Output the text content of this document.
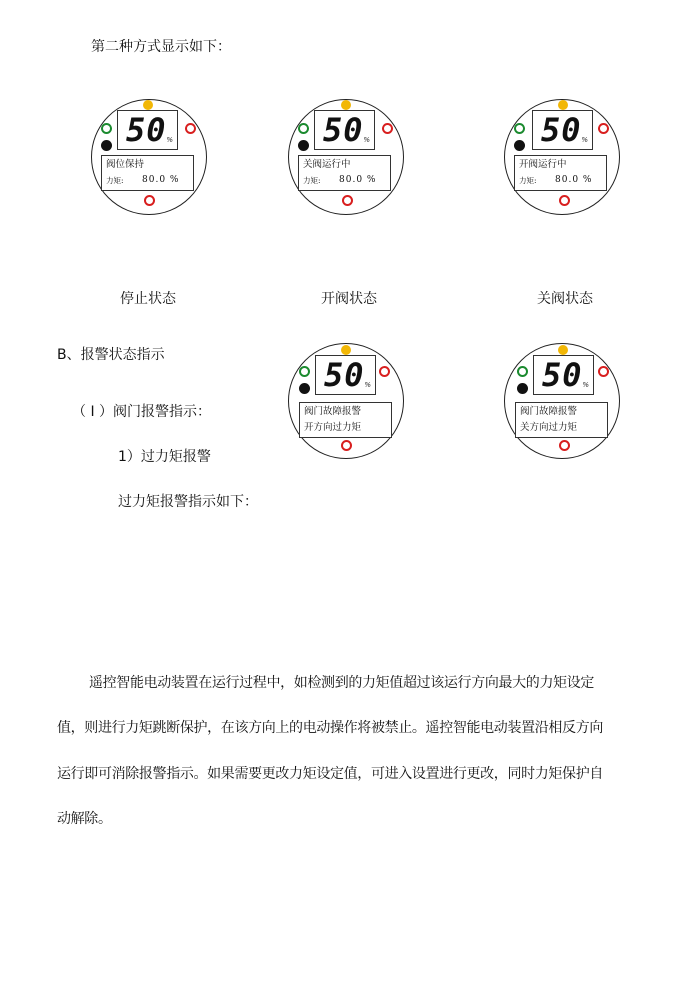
第二种方式显示如下：
50 %
阀位保持
力矩: 80.0 %
50 %
关阀运行中
力矩: 80.0 %
50 %
开阀运行中
力矩: 80.0 %
停止状态	开阀状态	关阀状态
B、报警状态指示
（ I ）阀门报警指示：
1）过力矩报警
过力矩报警指示如下：
50 %
阀门故障报警
开方向过力矩
50 %
阀门故障报警
关方向过力矩
遥控智能电动装置在运行过程中，如检测到的力矩值超过该运行方向最大的力矩设定
值，则进行力矩跳断保护，在该方向上的电动操作将被禁止。遥控智能电动装置沿相反方向
运行即可消除报警指示。如果需要更改力矩设定值，可进入设置进行更改，同时力矩保护自
动解除。
